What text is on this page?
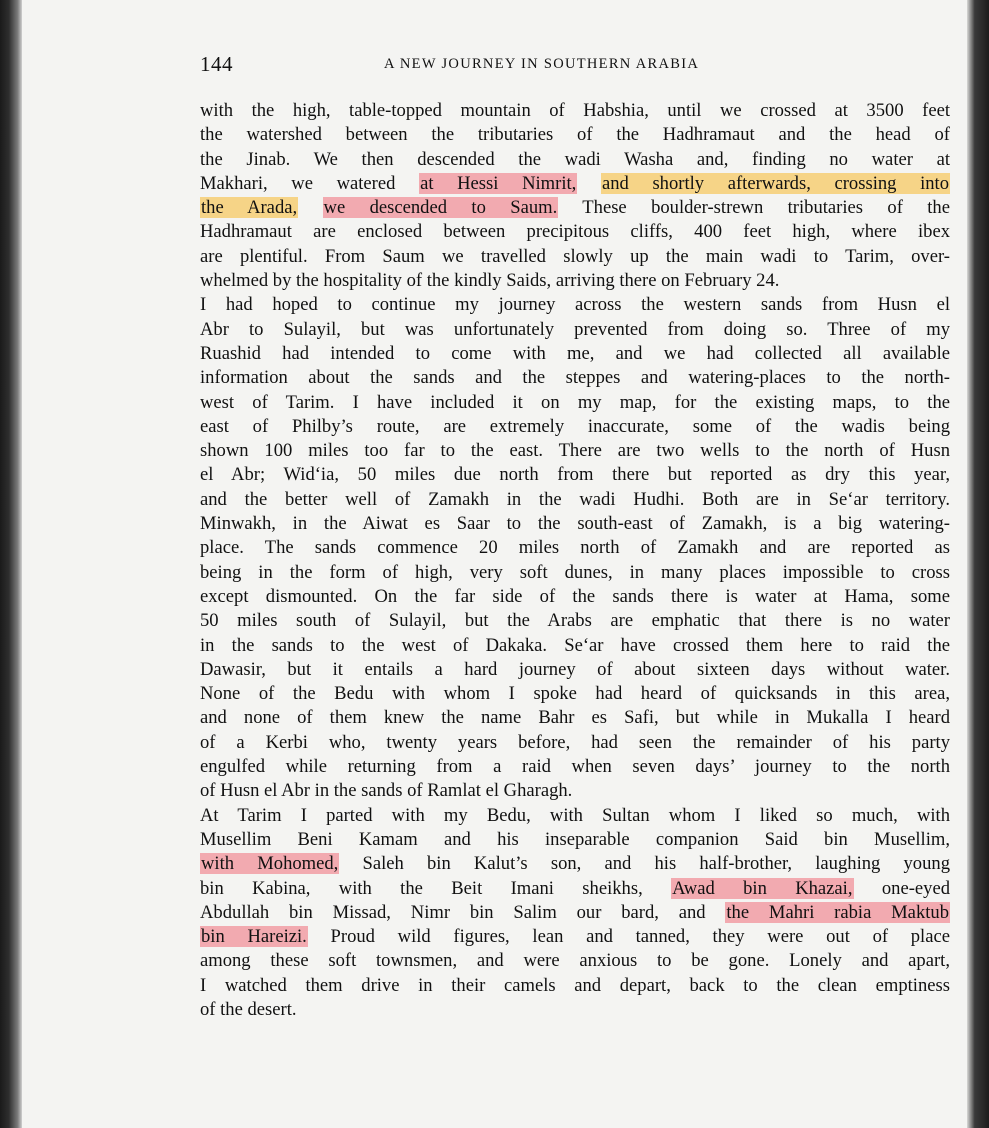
144	A NEW JOURNEY IN SOUTHERN ARABIA
with the high, table-topped mountain of Habshia, until we crossed at 3500 feet
the watershed between the tributaries of the Hadhramaut and the head of
the Jinab. We then descended the wadi Washa and, finding no water at
Makhari, we watered at Hessi Nimrit, and shortly afterwards, crossing into
the Arada, we descended to Saum. These boulder-strewn tributaries of the
Hadhramaut are enclosed between precipitous cliffs, 400 feet high, where ibex
are plentiful. From Saum we travelled slowly up the main wadi to Tarim, over-
whelmed by the hospitality of the kindly Saids, arriving there on February 24.
I had hoped to continue my journey across the western sands from Husn el
Abr to Sulayil, but was unfortunately prevented from doing so. Three of my
Ruashid had intended to come with me, and we had collected all available
information about the sands and the steppes and watering-places to the north-
west of Tarim. I have included it on my map, for the existing maps, to the
east of Philby’s route, are extremely inaccurate, some of the wadis being
shown 100 miles too far to the east. There are two wells to the north of Husn
el Abr; Wid‘ia, 50 miles due north from there but reported as dry this year,
and the better well of Zamakh in the wadi Hudhi. Both are in Se‘ar territory.
Minwakh, in the Aiwat es Saar to the south-east of Zamakh, is a big watering-
place. The sands commence 20 miles north of Zamakh and are reported as
being in the form of high, very soft dunes, in many places impossible to cross
except dismounted. On the far side of the sands there is water at Hama, some
50 miles south of Sulayil, but the Arabs are emphatic that there is no water
in the sands to the west of Dakaka. Se‘ar have crossed them here to raid the
Dawasir, but it entails a hard journey of about sixteen days without water.
None of the Bedu with whom I spoke had heard of quicksands in this area,
and none of them knew the name Bahr es Safi, but while in Mukalla I heard
of a Kerbi who, twenty years before, had seen the remainder of his party
engulfed while returning from a raid when seven days’ journey to the north
of Husn el Abr in the sands of Ramlat el Gharagh.
At Tarim I parted with my Bedu, with Sultan whom I liked so much, with
Musellim Beni Kamam and his inseparable companion Said bin Musellim,
with Mohomed, Saleh bin Kalut’s son, and his half-brother, laughing young
bin Kabina, with the Beit Imani sheikhs, Awad bin Khazai, one-eyed
Abdullah bin Missad, Nimr bin Salim our bard, and the Mahri rabia Maktub
bin Hareizi. Proud wild figures, lean and tanned, they were out of place
among these soft townsmen, and were anxious to be gone. Lonely and apart,
I watched them drive in their camels and depart, back to the clean emptiness
of the desert.
